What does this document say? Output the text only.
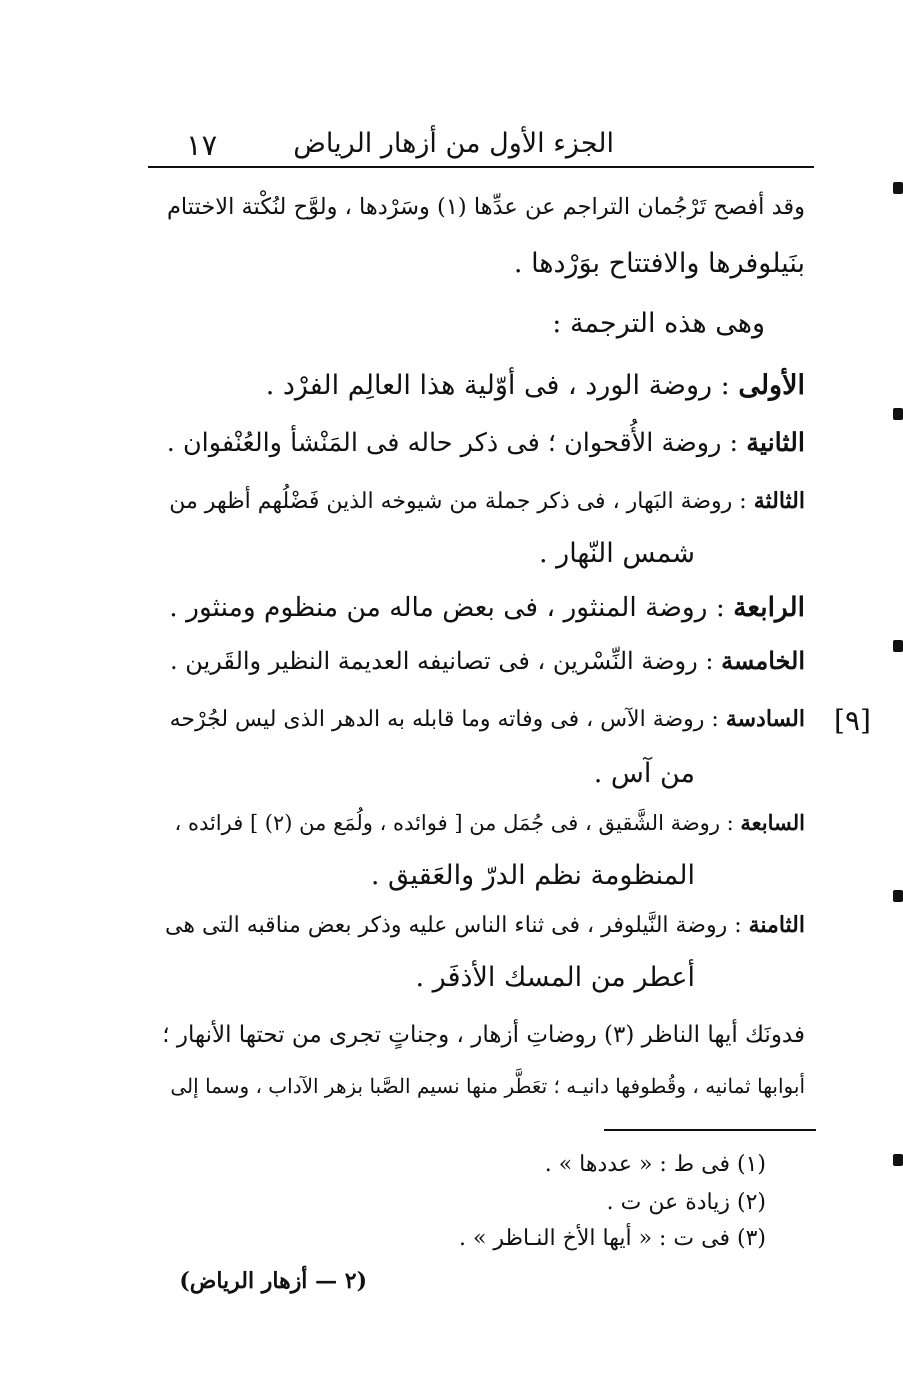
الجزء الأول من أزهار الرياض
١٧
[٩]
وقد أفصح تَرْجُمان التراجم عن عدِّها (١) وسَرْدها ، ولوَّح لنُكْتة الاختتام
بنَيلوفرها والافتتاح بوَرْدها .
وهى هذه الترجمة :
الأولى : روضة الورد ، فى أوّلية هذا العالِم الفرْد .
الثانية : روضة الأُقحوان ؛ فى ذكر حاله فى المَنْشأ والعُنْفوان .
الثالثة : روضة البَهار ، فى ذكر جملة من شيوخه الذين فَضْلُهم أظهر من
شمس النّهار .
الرابعة : روضة المنثور ، فى بعض ماله من منظوم ومنثور .
الخامسة : روضة النِّسْرين ، فى تصانيفه العديمة النظير والقَرين .
السادسة : روضة الآس ، فى وفاته وما قابله به الدهر الذى ليس لجُرْحه
من آس .
السابعة : روضة الشَّقيق ، فى جُمَل من [ فوائده ، ولُمَع من (٢) ] فرائده ،
المنظومة نظم الدرّ والعَقيق .
الثامنة : روضة النَّيلوفر ، فى ثناء الناس عليه وذكر بعض مناقبه التى هى
أعطر من المسك الأذفَر .
فدونَك أيها الناظر (٣) روضاتِ أزهار ، وجناتٍ تجرى من تحتها الأنهار ؛
أبوابها ثمانيه ، وقُطوفها دانيـه ؛ تعَطَّر منها نسيم الصَّبا بزهر الآداب ، وسما إلى
(١) فى ط : « عددها » .
(٢) زيادة عن ت .
(٣) فى ت : « أيها الأخ النـاظر » .
(٢ — أزهار الرياض)
